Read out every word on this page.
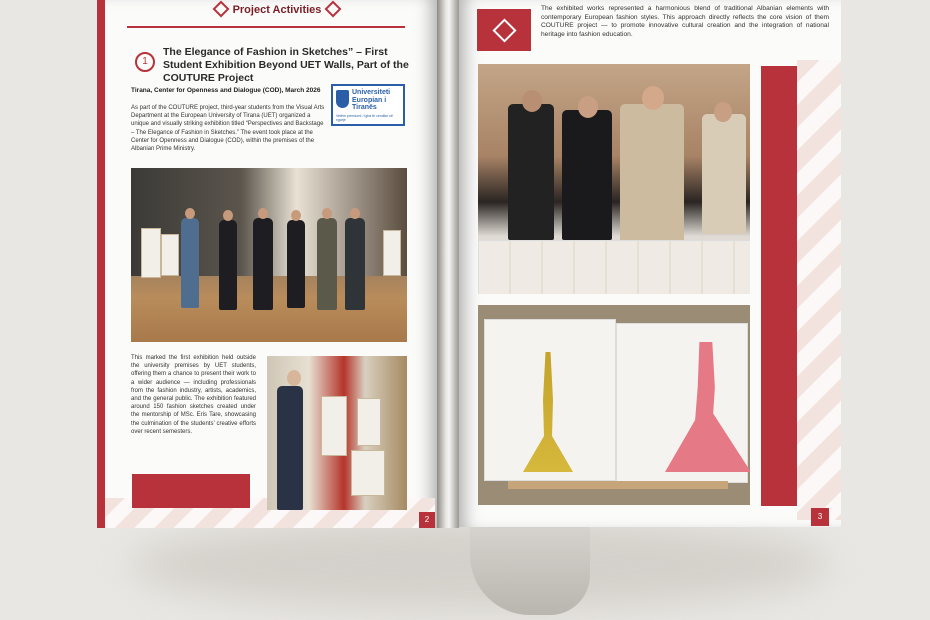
Project Activities
1
The Elegance of Fashion in Sketches” – First Student Exhibition Beyond UET Walls, Part of the COUTURE Project
Tirana, Center for Openness and Dialogue (COD), March 2026	Universiteti
Europian i
Tiranës
Vetëm premium! / Igba të vendike në ngarje
As part of the COUTURE project, third-year students from the Visual Arts Department at the European University of Tirana (UET) organized a unique and visually striking exhibition titled “Perspectives and Backstage – The Elegance of Fashion in Sketches.” The event took place at the Center for Openness and Dialogue (COD), within the premises of the Albanian Prime Ministry.
This marked the first exhibition held outside the university premises by UET students, offering them a chance to present their work to a wider audience — including professionals from the fashion industry, artists, academics, and the general public. The exhibition featured around 150 fashion sketches created under the mentorship of MSc. Eris Tare, showcasing the culmination of the students’ creative efforts over recent semesters.
2
The exhibited works represented a harmonious blend of traditional Albanian elements with contemporary European fashion styles. This approach directly reflects the core vision of them COUTURE project — to promote innovative cultural creation and the integration of national heritage into fashion education.
3
